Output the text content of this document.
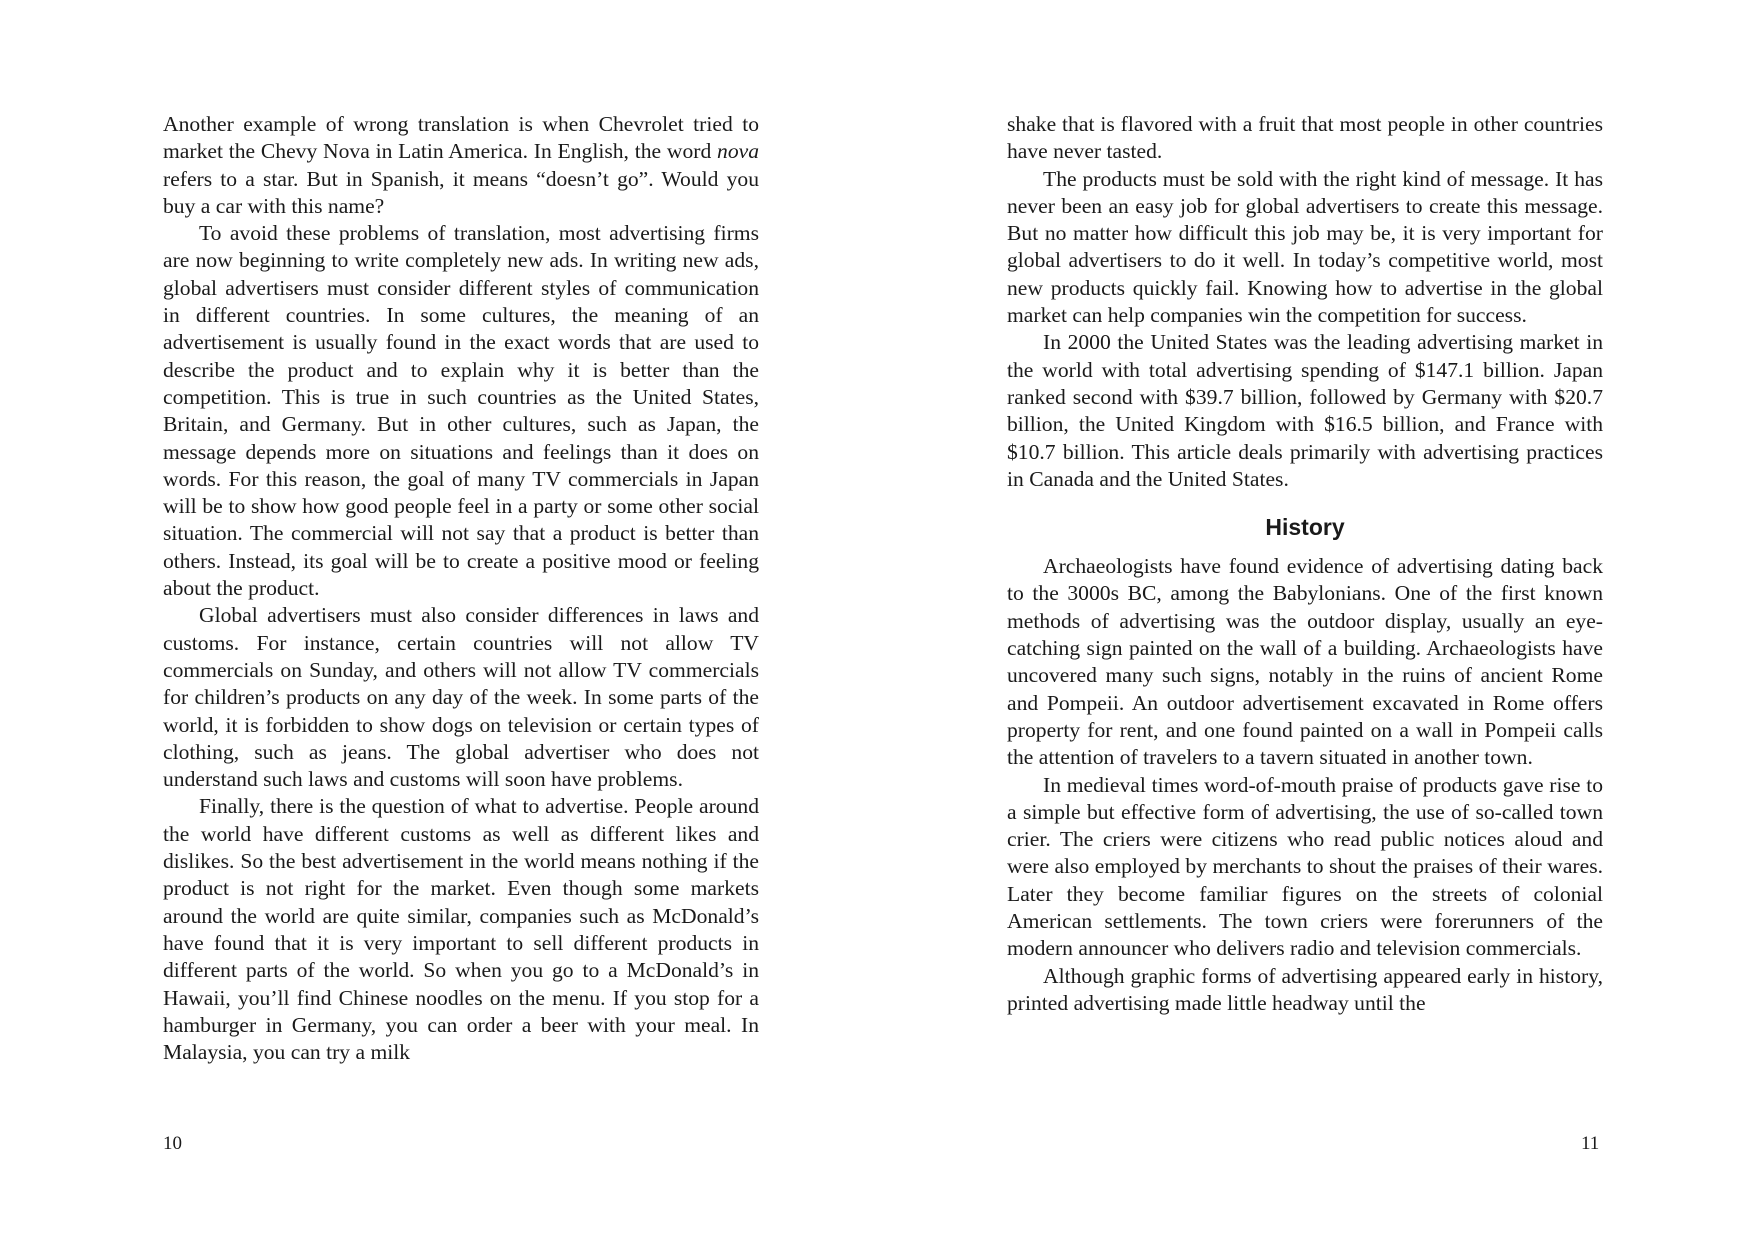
Another example of wrong translation is when Chevrolet tried to market the Chevy Nova in Latin America. In English, the word nova refers to a star. But in Spanish, it means “doesn’t go”. Would you buy a car with this name?

To avoid these problems of translation, most advertising firms are now beginning to write completely new ads. In writing new ads, global advertisers must consider different styles of communication in different countries. In some cultures, the meaning of an advertisement is usually found in the exact words that are used to describe the product and to explain why it is better than the competition. This is true in such countries as the United States, Britain, and Germany. But in other cultures, such as Japan, the message depends more on situations and feelings than it does on words. For this reason, the goal of many TV commercials in Japan will be to show how good people feel in a party or some other social situation. The commercial will not say that a product is better than others. Instead, its goal will be to create a positive mood or feeling about the product.

Global advertisers must also consider differences in laws and customs. For instance, certain countries will not allow TV commercials on Sunday, and others will not allow TV commercials for children’s products on any day of the week. In some parts of the world, it is forbidden to show dogs on television or certain types of clothing, such as jeans. The global advertiser who does not understand such laws and customs will soon have problems.

Finally, there is the question of what to advertise. People around the world have different customs as well as different likes and dislikes. So the best advertisement in the world means nothing if the product is not right for the market. Even though some markets around the world are quite similar, companies such as McDonald’s have found that it is very important to sell different products in different parts of the world. So when you go to a McDonald’s in Hawaii, you’ll find Chinese noodles on the menu. If you stop for a hamburger in Germany, you can order a beer with your meal. In Malaysia, you can try a milk

10

shake that is flavored with a fruit that most people in other countries have never tasted.

The products must be sold with the right kind of message. It has never been an easy job for global advertisers to create this message. But no matter how difficult this job may be, it is very important for global advertisers to do it well. In today’s competitive world, most new products quickly fail. Knowing how to advertise in the global market can help companies win the competition for success.

In 2000 the United States was the leading advertising market in the world with total advertising spending of $147.1 billion. Japan ranked second with $39.7 billion, followed by Germany with $20.7 billion, the United Kingdom with $16.5 billion, and France with $10.7 billion. This article deals primarily with advertising practices in Canada and the United States.

History

Archaeologists have found evidence of advertising dating back to the 3000s BC, among the Babylonians. One of the first known methods of advertising was the outdoor display, usually an eye-catching sign painted on the wall of a building. Archaeologists have uncovered many such signs, notably in the ruins of ancient Rome and Pompeii. An outdoor advertisement excavated in Rome offers property for rent, and one found painted on a wall in Pompeii calls the attention of travelers to a tavern situated in another town.

In medieval times word-of-mouth praise of products gave rise to a simple but effective form of advertising, the use of so-called town crier. The criers were citizens who read public notices aloud and were also employed by merchants to shout the praises of their wares. Later they become familiar figures on the streets of colonial American settlements. The town criers were forerunners of the modern announcer who delivers radio and television commercials.

Although graphic forms of advertising appeared early in history, printed advertising made little headway until the

11
